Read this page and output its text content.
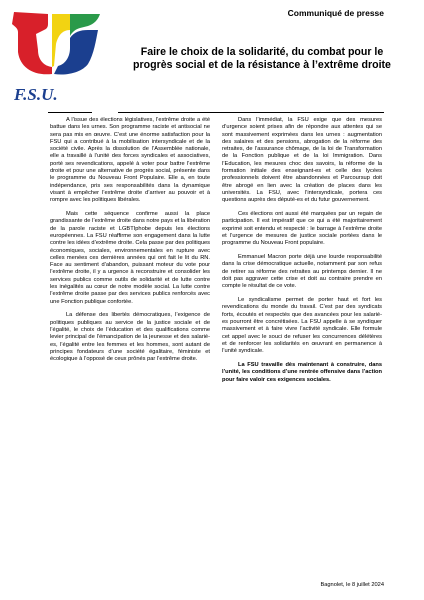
Communiqué de presse
F.S.U.
Faire le choix de la solidarité, du combat pour le
progrès social et de la résistance à l’extrême droite

A l’issue des élections législatives, l’extrême droite a été battue dans les urnes. Son programme raciste et antisocial ne sera pas mis en œuvre. C’est une énorme satisfaction pour la FSU qui a contribué à la mobilisation intersyndicale et de la société civile. Après la dissolution de l’Assemblée nationale, elle a travaillé à l’unité des forces syndicales et associatives, porté ses revendications, appelé à voter pour battre l’extrême droite et pour une alternative de progrès social, présente dans le programme du Nouveau Front Populaire. Elle a, en toute indépendance, pris ses responsabilités dans la dynamique visant à empêcher l’extrême droite d’arriver au pouvoir et à rompre avec les politiques libérales.

Mais cette séquence confirme aussi la place grandissante de l’extrême droite dans notre pays et la libération de la parole raciste et LGBTIphobe depuis les élections européennes. La FSU réaffirme son engagement dans la lutte contre les idées d’extrême droite. Cela passe par des politiques économiques, sociales, environnementales en rupture avec celles menées ces dernières années qui ont fait le lit du RN. Face au sentiment d’abandon, puissant moteur du vote pour l’extrême droite, il y a urgence à reconstruire et consolider les services publics comme outils de solidarité et de lutte contre les inégalités au cœur de notre modèle social. La lutte contre l’extrême droite passe par des services publics renforcés avec une Fonction publique confortée.

La défense des libertés démocratiques, l’exigence de politiques publiques au service de la justice sociale et de l’égalité, le choix de l’éducation et des qualifications comme levier principal de l’émancipation de la jeunesse et des salarié-es, l’égalité entre les femmes et les hommes, sont autant de principes fondateurs d’une société égalitaire, féministe et écologique à l’opposé de ceux prônés par l’extrême droite.

Dans l’immédiat, la FSU exige que des mesures d’urgence soient prises afin de répondre aux attentes qui se sont massivement exprimées dans les urnes : augmentation des salaires et des pensions, abrogation de la réforme des retraites, de l’assurance chômage, de la loi de Transformation de la Fonction publique et de la loi Immigration. Dans l’Education, les mesures choc des savoirs, la réforme de la formation initiale des enseignant-es et celle des lycées professionnels doivent être abandonnées et Parcoursup doit être abrogé en lien avec la création de places dans les universités. La FSU, avec l’intersyndicale, portera ces questions auprès des député-es et du futur gouvernement.

Ces élections ont aussi été marquées par un regain de participation. Il est impératif que ce qui a été majoritairement exprimé soit entendu et respecté : le barrage à l’extrême droite et l’urgence de mesures de justice sociale portées dans le programme du Nouveau Front populaire.

Emmanuel Macron porte déjà une lourde responsabilité dans la crise démocratique actuelle, notamment par son refus de retirer sa réforme des retraites au printemps dernier. Il ne doit pas aggraver cette crise et doit au contraire prendre en compte le résultat de ce vote.

Le syndicalisme permet de porter haut et fort les revendications du monde du travail. C’est par des syndicats forts, écoutés et respectés que des avancées pour les salarié-es pourront être concrétisées. La FSU appelle à se syndiquer massivement et à faire vivre l’activité syndicale. Elle formule cet appel avec le souci de refuser les concurrences délétères et de renforcer les solidarités en œuvrant en permanence à l’unité syndicale.

La FSU travaille dès maintenant à construire, dans l’unité, les conditions d’une rentrée offensive dans l’action pour faire valoir ces exigences sociales.

Bagnolet, le 8 juillet 2024
